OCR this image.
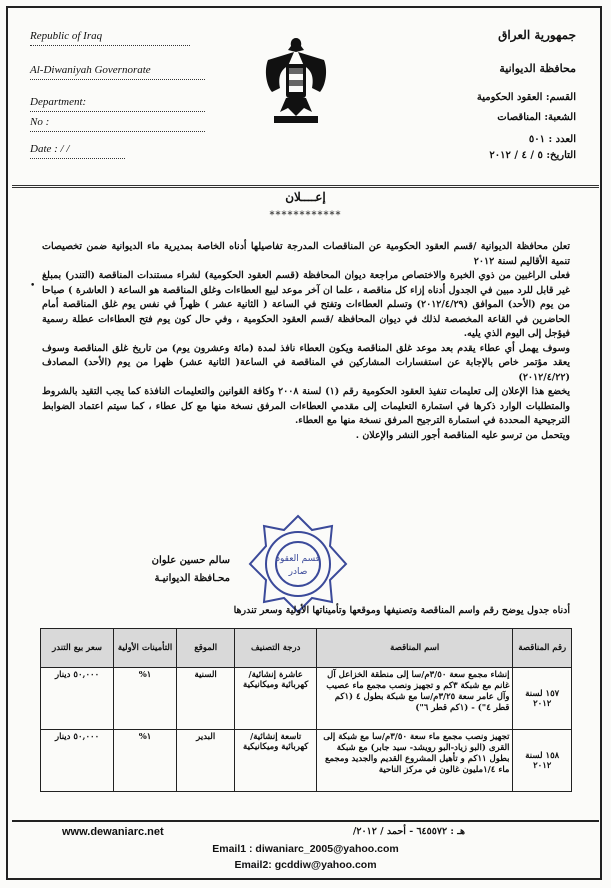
Republic of Iraq
Al-Diwaniyah Governorate
Department:
No :
Date : / /
جمهورية العراق
محافظة الديوانية
القسم: العقود الحكومية
الشعبة: المناقصات
العدد : ٥٠١
التاريخ: ٥ / ٤ / ٢٠١٢
إعــــلان
************

تعلن محافظة الديوانية /قسم العقود الحكومية عن المناقصات المدرجة تفاصيلها أدناه الخاصة بمديرية ماء الديوانية ضمن تخصيصات تنمية الأقاليم لسنة ٢٠١٢

فعلى الراغبين من ذوي الخبرة والاختصاص مراجعة ديوان المحافظة (قسم العقود الحكومية) لشراء مستندات المناقصة (التندر) بمبلغ غير قابل للرد مبين في الجدول أدناه إزاء كل مناقصة ، علما ان آخر موعد لبيع العطاءات وغلق المناقصة هو الساعة ( العاشرة ) صباحا من يوم (الأحد) الموافق (٢٠١٢/٤/٢٩) وتسلم العطاءات وتفتح في الساعة ( الثانية عشر ) ظهراً في نفس يوم غلق المناقصة أمام الحاضرين في القاعة المخصصة لذلك في ديوان المحافظة /قسم العقود الحكومية ، وفي حال كون يوم فتح العطاءات عطلة رسمية فيؤجل إلى اليوم الذي يليه.

وسوف يهمل أي عطاء يقدم بعد موعد غلق المناقصة ويكون العطاء نافذ لمدة (مائة وعشرون يوم) من تاريخ غلق المناقصة وسوف يعقد مؤتمر خاص بالإجابة عن استفسارات المشاركين في المناقصة في الساعة( الثانية عشر) ظهرا من يوم (الأحد) المصادف (٢٠١٢/٤/٢٢)

يخضع هذا الإعلان إلى تعليمات تنفيذ العقود الحكومية رقم (١) لسنة ٢٠٠٨ وكافة القوانين والتعليمات النافذة كما يجب التقيد بالشروط والمتطلبات الوارد ذكرها في استمارة التعليمات إلى مقدمي العطاءات المرفق نسخة منها مع كل عطاء ، كما سيتم اعتماد الضوابط الترجيحية المحددة في استمارة الترجيح المرفق نسخة منها مع العطاء.

ويتحمل من ترسو عليه المناقصة أجور النشر والإعلان .

•
قسم العقود
صادر
سالم حسين علوان
محـافظة الديوانيـة
أدناه جدول يوضح رقم واسم المناقصة وتصنيفها وموقعها وتأميناتها الأولية وسعر تندرها
رقم المناقصة	اسم المناقصة	درجة التصنيف	الموقع	التأمينات الأولية	سعر بيع التندر
١٥٧ لسنة ٢٠١٢	إنشاء مجمع سعة ٣/٥٠م/سا إلى منطقة الخزاعل آل غانم مع شبكة ٣كم و تجهيز ونصب مجمع ماء عصيب وآل عامر سعة ٣/٢٥م/سا مع شبكة بطول ٤ (١كم قطر ٤") - (١كم قطر ٦")	عاشرة إنشائية/ كهربائية وميكانيكية	السنية	١%	٥٠,٠٠٠ دينار
١٥٨ لسنة ٢٠١٢	تجهيز ونصب مجمع ماء سعة ٣/٥٠م/سا مع شبكة إلى القرى (البو زياد-البو رويشد- سيد جابر) مع شبكة بطول ١١كم و تأهيل المشروع القديم والجديد ومجمع ماء ١/٤مليون غالون في مركز الناحية	تاسعة إنشائية/ كهربائية وميكانيكية	البدير	١%	٥٠,٠٠٠ دينار
www.dewaniarc.net	هـ : ٦٤٥٥٧٢ - أحمد / ٢٠١٢/
Email1 : diwaniarc_2005@yahoo.com
Email2: gcddiw@yahoo.com
